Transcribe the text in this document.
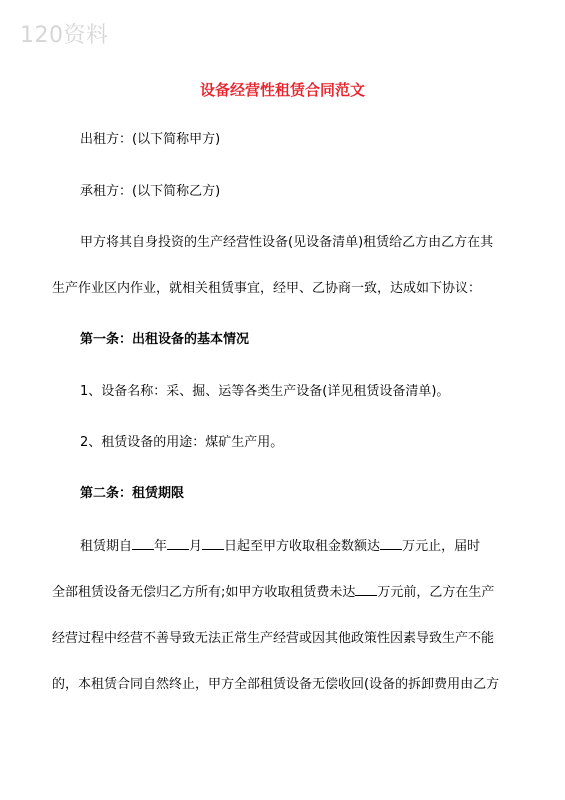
120资料
设备经营性租赁合同范文
出租方：(以下简称甲方)
承租方：(以下简称乙方)
甲方将其自身投资的生产经营性设备(见设备清单)租赁给乙方由乙方在其
生产作业区内作业，就相关租赁事宜，经甲、乙协商一致，达成如下协议：
第一条：出租设备的基本情况
1、设备名称：采、掘、运等各类生产设备(详见租赁设备清单)。
2、租赁设备的用途：煤矿生产用。
第二条：租赁期限
租赁期自 年 月 日起至甲方收取租金数额达 万元止，届时
全部租赁设备无偿归乙方所有;如甲方收取租赁费未达 万元前，乙方在生产
经营过程中经营不善导致无法正常生产经营或因其他政策性因素导致生产不能
的，本租赁合同自然终止，甲方全部租赁设备无偿收回(设备的拆卸费用由乙方
